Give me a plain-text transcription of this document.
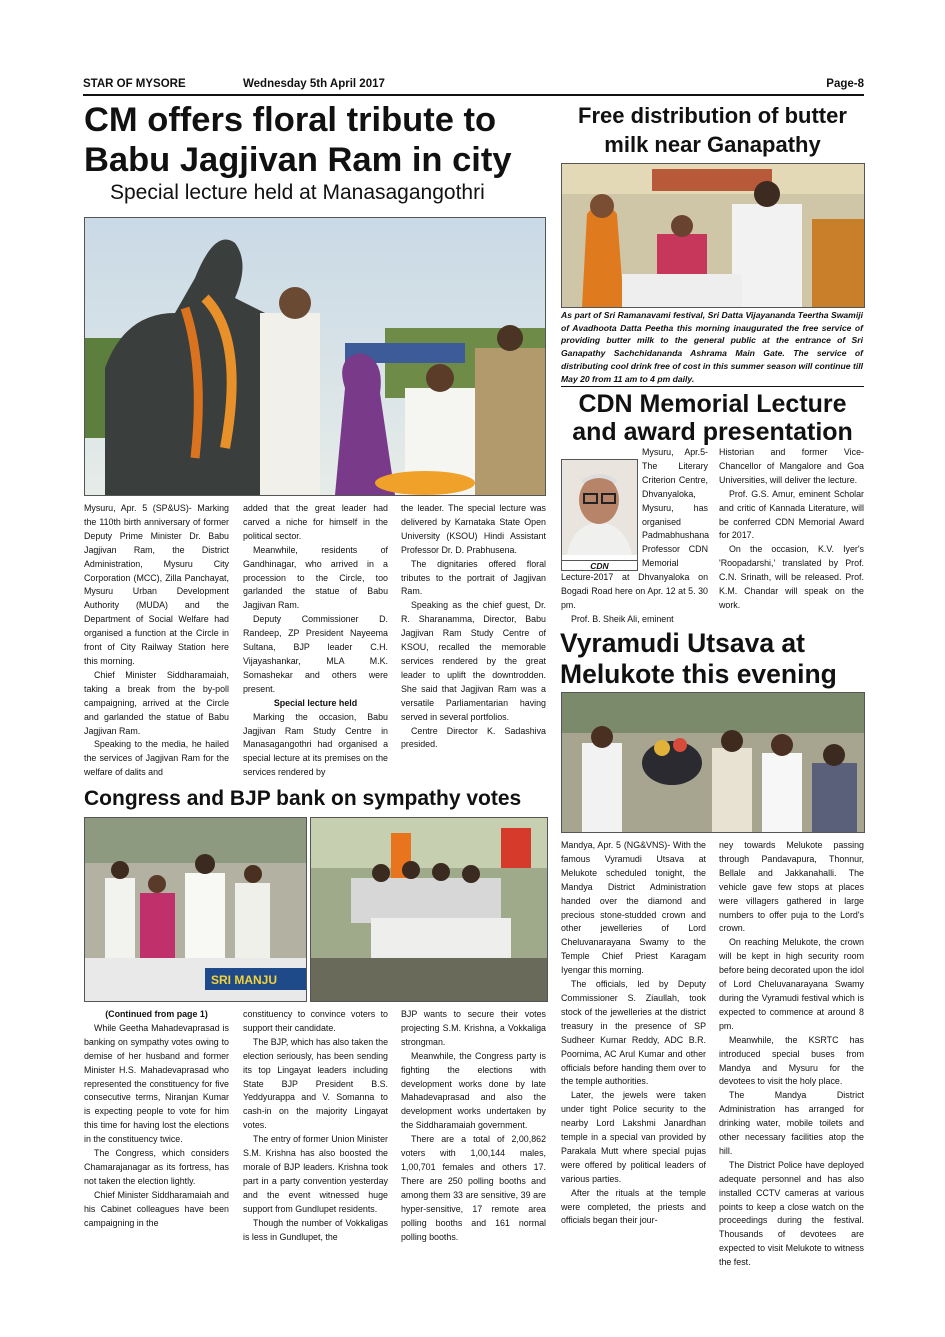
STAR OF MYSORE	Wednesday 5th April 2017	Page-8
CM offers floral tribute to Babu Jagjivan Ram in city
Special lecture held at Manasagangothri

Mysuru, Apr. 5 (SP&US)- Marking the 110th birth anniversary of former Deputy Prime Minister Dr. Babu Jagjivan Ram, the District Administration, Mysuru City Corporation (MCC), Zilla Panchayat, Mysuru Urban Development Authority (MUDA) and the Department of Social Welfare had organised a function at the Circle in front of City Railway Station here this morning.

Chief Minister Siddharamaiah, taking a break from the by-poll campaigning, arrived at the Circle and garlanded the statue of Babu Jagjivan Ram.

Speaking to the media, he hailed the services of Jagjivan Ram for the welfare of dalits and

added that the great leader had carved a niche for himself in the political sector.

Meanwhile, residents of Gandhinagar, who arrived in a procession to the Circle, too garlanded the statue of Babu Jagjivan Ram.

Deputy Commissioner D. Randeep, ZP President Nayeema Sultana, BJP leader C.H. Vijayashankar, MLA M.K. Somashekar and others were present.

Special lecture held

Marking the occasion, Babu Jagjivan Ram Study Centre in Manasagangothri had organised a special lecture at its premises on the services rendered by

the leader. The special lecture was delivered by Karnataka State Open University (KSOU) Hindi Assistant Professor Dr. D. Prabhusena.

The dignitaries offered floral tributes to the portrait of Jagjivan Ram.

Speaking as the chief guest, Dr. R. Sharanamma, Director, Babu Jagjivan Ram Study Centre of KSOU, recalled the memorable services rendered by the great leader to uplift the downtrodden. She said that Jagjivan Ram was a versatile Parliamentarian having served in several portfolios.

Centre Director K. Sadashiva presided.

Free distribution of butter milk near Ganapathy
As part of Sri Ramanavami festival, Sri Datta Vijayananda Teertha Swamiji of Avadhoota Datta Peetha this morning inaugurated the free service of providing butter milk to the general public at the entrance of Sri Ganapathy Sachchidananda Ashrama Main Gate. The service of distributing cool drink free of cost in this summer season will continue till May 20 from 11 am to 4 pm daily.
CDN Memorial Lecture and award presentation
CDN

Mysuru, Apr.5-The Literary Criterion Centre, Dhvanyaloka, Mysuru, has organised Padmabhushana Professor CDN Memorial

Lecture-2017 at Dhvanyaloka on Bogadi Road here on Apr. 12 at 5. 30 pm.

Prof. B. Sheik Ali, eminent

Historian and former Vice-Chancellor of Mangalore and Goa Universities, will deliver the lecture.

Prof. G.S. Amur, eminent Scholar and critic of Kannada Literature, will be conferred CDN Memorial Award for 2017.

On the occasion, K.V. Iyer's 'Roopadarshi,' translated by Prof. C.N. Srinath, will be released. Prof. K.M. Chandar will speak on the work.

Vyramudi Utsava at Melukote this evening

Mandya, Apr. 5 (NG&VNS)- With the famous Vyramudi Utsava at Melukote scheduled tonight, the Mandya District Administration handed over the diamond and precious stone-studded crown and other jewelleries of Lord Cheluvanarayana Swamy to the Temple Chief Priest Karagam Iyengar this morning.

The officials, led by Deputy Commissioner S. Ziaullah, took stock of the jewelleries at the district treasury in the presence of SP Sudheer Kumar Reddy, ADC B.R. Poornima, AC Arul Kumar and other officials before handing them over to the temple authorities.

Later, the jewels were taken under tight Police security to the nearby Lord Lakshmi Janardhan temple in a special van provided by Parakala Mutt where special pujas were offered by political leaders of various parties.

After the rituals at the temple were completed, the priests and officials began their jour-

ney towards Melukote passing through Pandavapura, Thonnur, Bellale and Jakkanahalli. The vehicle gave few stops at places were villagers gathered in large numbers to offer puja to the Lord's crown.

On reaching Melukote, the crown will be kept in high security room before being decorated upon the idol of Lord Cheluvanarayana Swamy during the Vyramudi festival which is expected to commence at around 8 pm.

Meanwhile, the KSRTC has introduced special buses from Mandya and Mysuru for the devotees to visit the holy place.

The Mandya District Administration has arranged for drinking water, mobile toilets and other necessary facilities atop the hill.

The District Police have deployed adequate personnel and has also installed CCTV cameras at various points to keep a close watch on the proceedings during the festival. Thousands of devotees are expected to visit Melukote to witness the fest.

Congress and BJP bank on sympathy votes
SRI MANJU

(Continued from page 1)

While Geetha Mahadevaprasad is banking on sympathy votes owing to demise of her husband and former Minister H.S. Mahadevaprasad who represented the constituency for five consecutive terms, Niranjan Kumar is expecting people to vote for him this time for having lost the elections in the constituency twice.

The Congress, which considers Chamarajanagar as its fortress, has not taken the election lightly.

Chief Minister Siddharamaiah and his Cabinet colleagues have been campaigning in the

constituency to convince voters to support their candidate.

The BJP, which has also taken the election seriously, has been sending its top Lingayat leaders including State BJP President B.S. Yeddyurappa and V. Somanna to cash-in on the majority Lingayat votes.

The entry of former Union Minister S.M. Krishna has also boosted the morale of BJP leaders. Krishna took part in a party convention yesterday and the event witnessed huge support from Gundlupet residents.

Though the number of Vokkaligas is less in Gundlupet, the

BJP wants to secure their votes projecting S.M. Krishna, a Vokkaliga strongman.

Meanwhile, the Congress party is fighting the elections with development works done by late Mahadevaprasad and also the development works undertaken by the Siddharamaiah government.

There are a total of 2,00,862 voters with 1,00,144 males, 1,00,701 females and others 17. There are 250 polling booths and among them 33 are sensitive, 39 are hyper-sensitive, 17 remote area polling booths and 161 normal polling booths.
